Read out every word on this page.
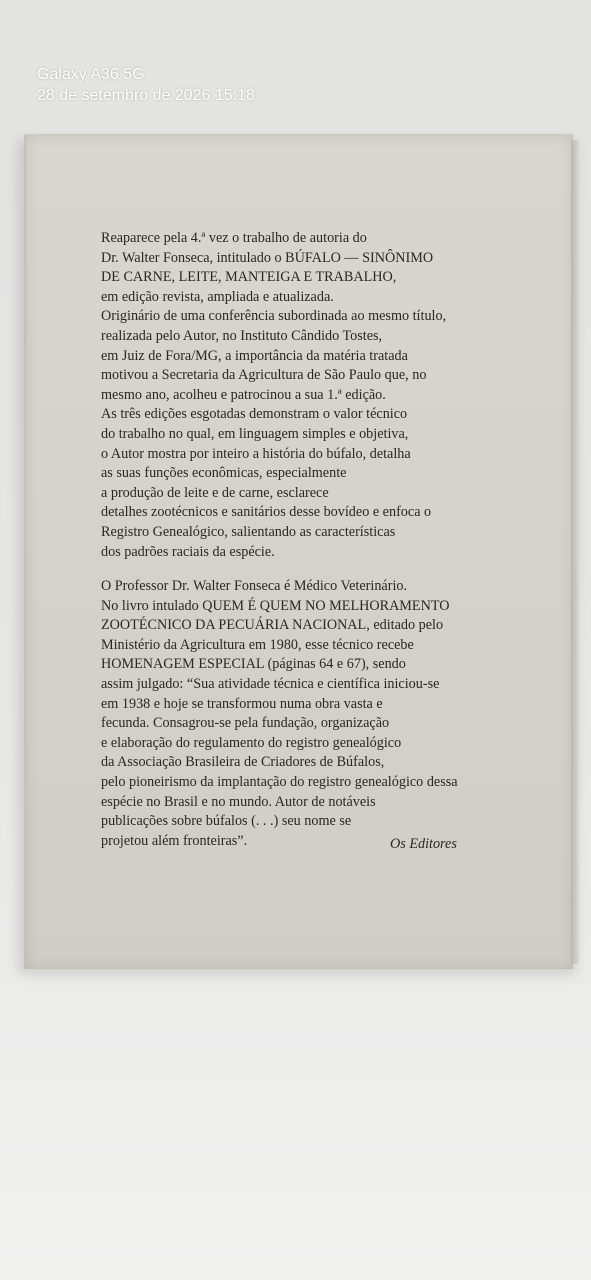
Galaxy A36 5G
28 de setembro de 2026 15:18
Reaparece pela 4.ª vez o trabalho de autoria do
Dr. Walter Fonseca, intitulado o BÚFALO — SINÔNIMO
DE CARNE, LEITE, MANTEIGA E TRABALHO,
em edição revista, ampliada e atualizada.
Originário de uma conferência subordinada ao mesmo título,
realizada pelo Autor, no Instituto Cândido Tostes,
em Juiz de Fora/MG, a importância da matéria tratada
motivou a Secretaria da Agricultura de São Paulo que, no
mesmo ano, acolheu e patrocinou a sua 1.ª edição.
As três edições esgotadas demonstram o valor técnico
do trabalho no qual, em linguagem simples e objetiva,
o Autor mostra por inteiro a história do búfalo, detalha
as suas funções econômicas, especialmente
a produção de leite e de carne, esclarece
detalhes zootécnicos e sanitários desse bovídeo e enfoca o
Registro Genealógico, salientando as características
dos padrões raciais da espécie.
O Professor Dr. Walter Fonseca é Médico Veterinário.
No livro intulado QUEM É QUEM NO MELHORAMENTO
ZOOTÉCNICO DA PECUÁRIA NACIONAL, editado pelo
Ministério da Agricultura em 1980, esse técnico recebe
HOMENAGEM ESPECIAL (páginas 64 e 67), sendo
assim julgado: “Sua atividade técnica e científica iniciou-se
em 1938 e hoje se transformou numa obra vasta e
fecunda. Consagrou-se pela fundação, organização
e elaboração do regulamento do registro genealógico
da Associação Brasileira de Criadores de Búfalos,
pelo pioneirismo da implantação do registro genealógico dessa
espécie no Brasil e no mundo. Autor de notáveis
publicações sobre búfalos (. . .) seu nome se
projetou além fronteiras”.	Os Editores
